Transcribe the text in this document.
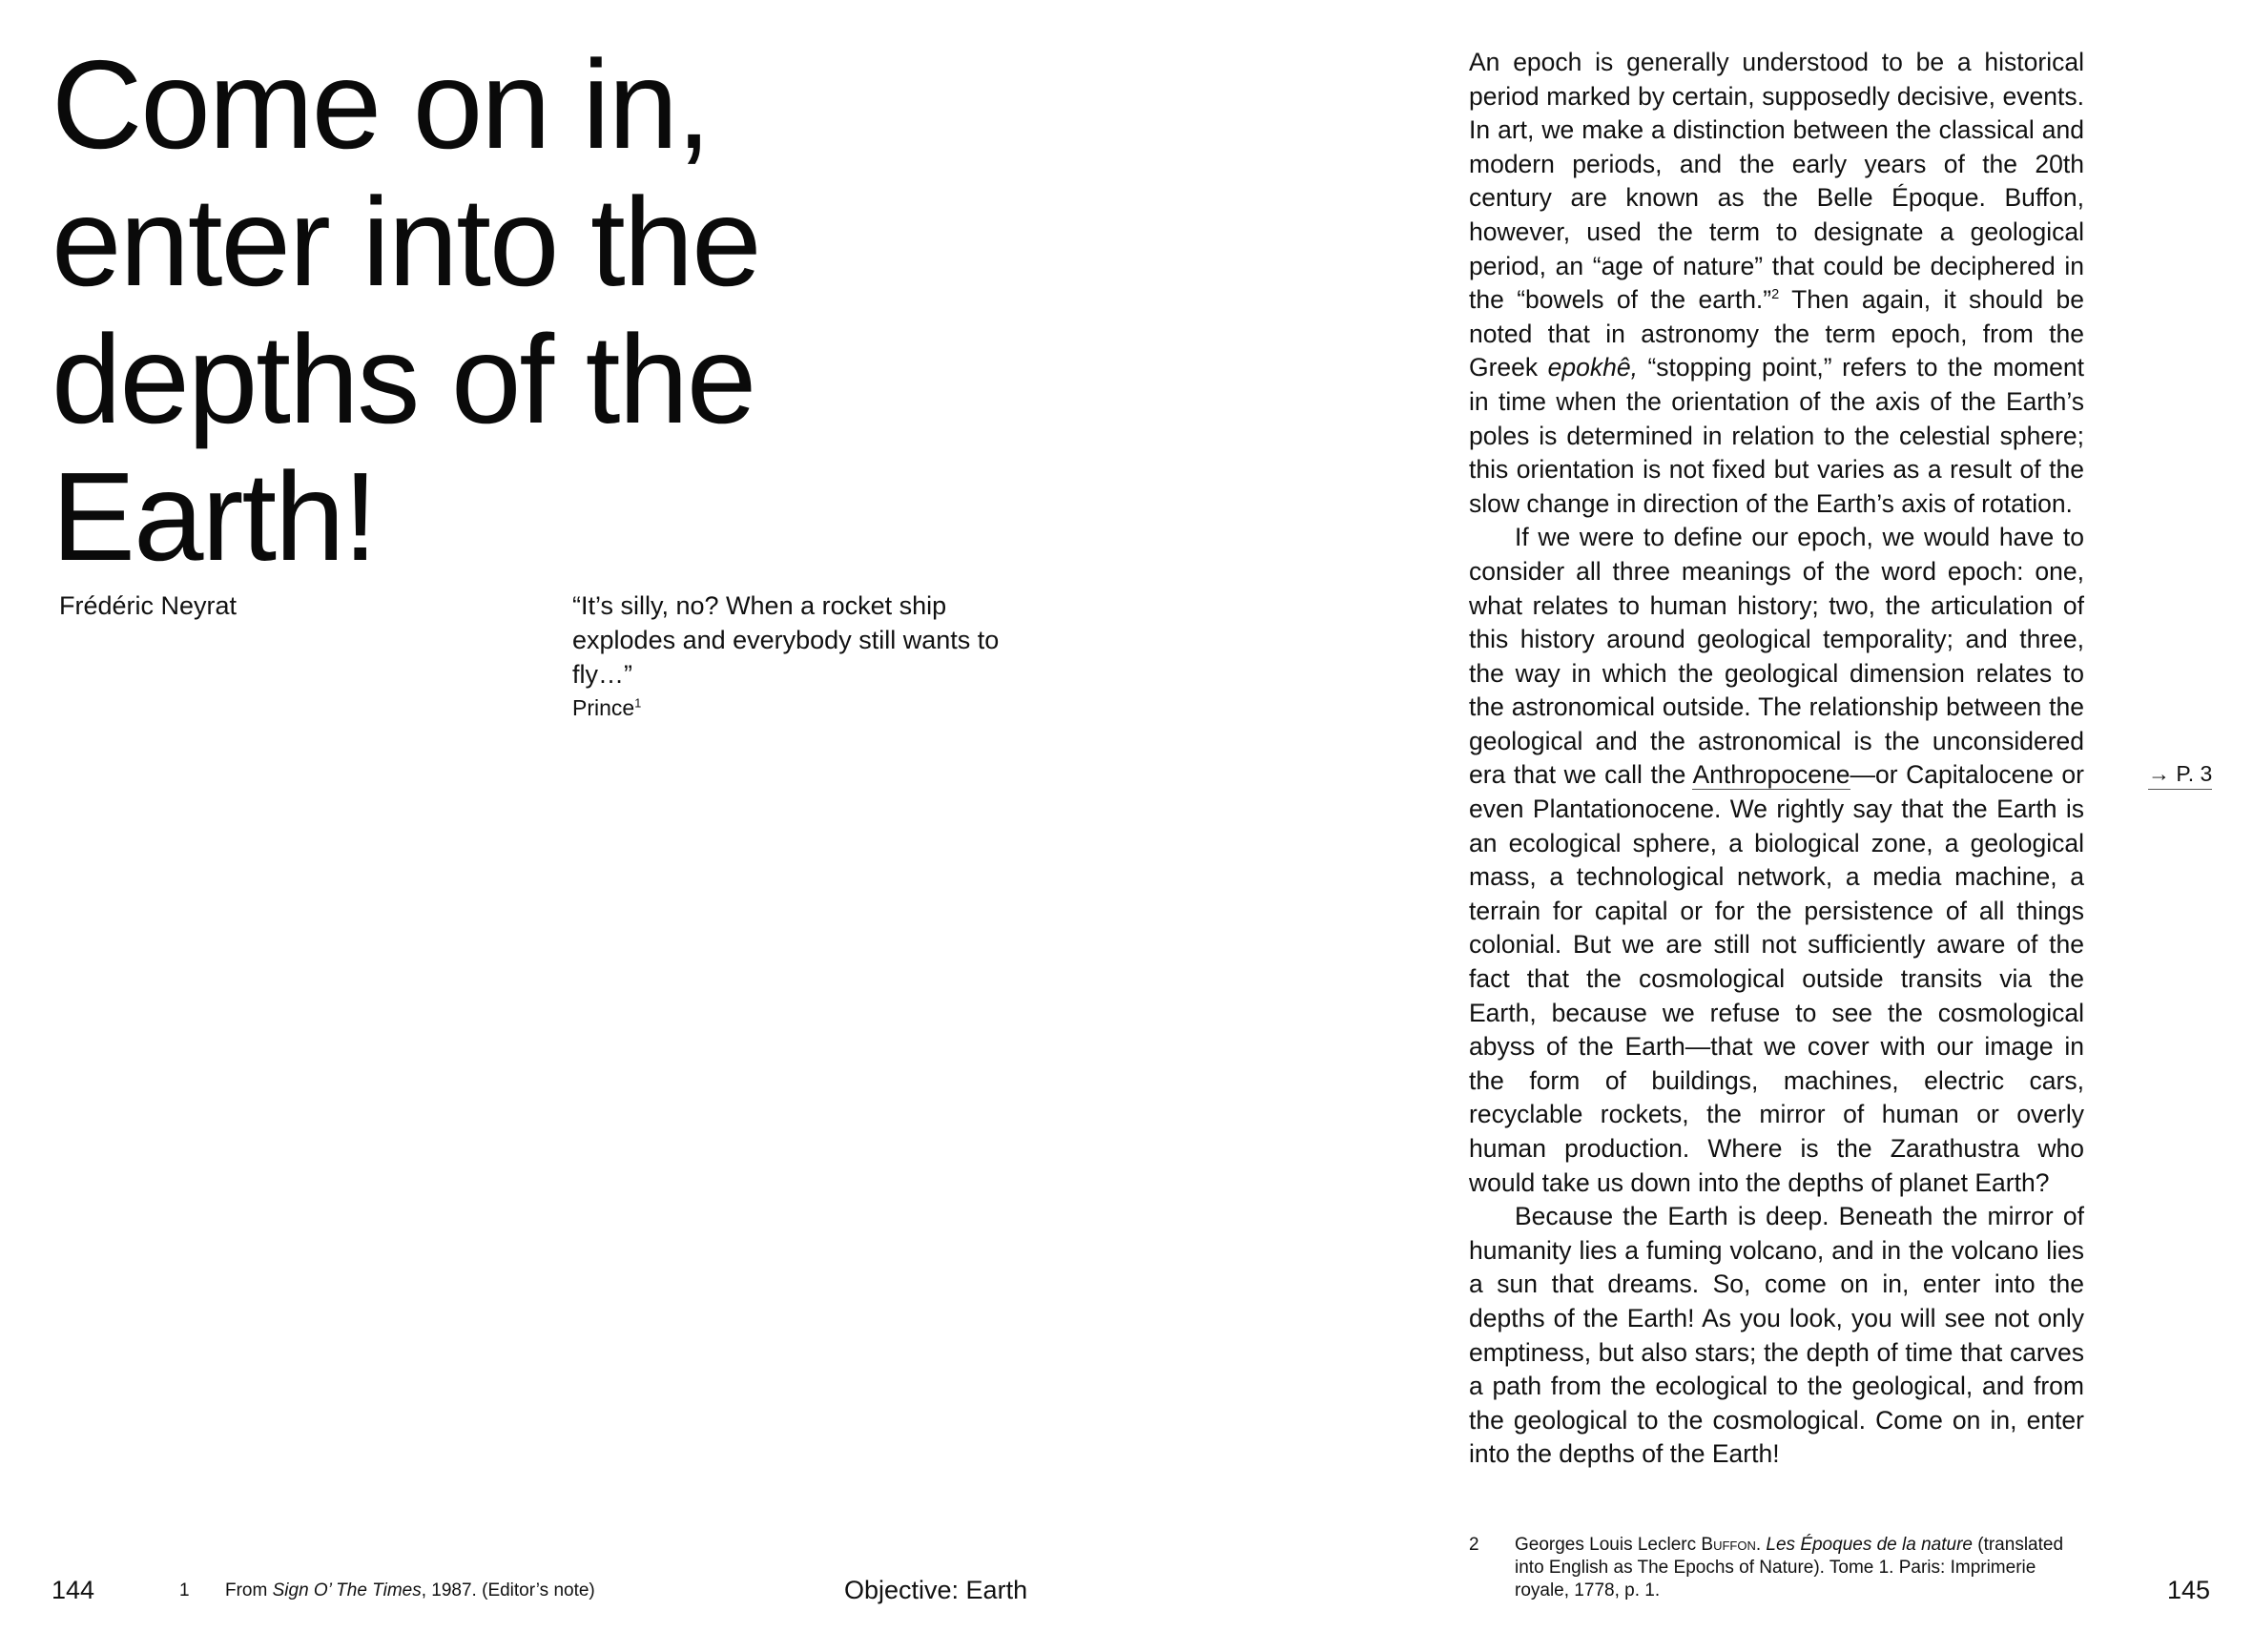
Come on in, enter into the depths of the Earth!
Frédéric Neyrat	“It’s silly, no? When a rocket ship explodes and everybody still wants to fly…”
Prince$^1$

An epoch is generally understood to be a historical period marked by certain, supposedly decisive, events. In art, we make a distinction between the classical and modern periods, and the early years of the 20th century are known as the Belle Époque. Buffon, however, used the term to designate a geological period, an “age of nature” that could be deciphered in the “bowels of the earth.”$^2$ Then again, it should be noted that in astronomy the term epoch, from the Greek epokhê, “stopping point,” refers to the moment in time when the orientation of the axis of the Earth’s poles is determined in relation to the celestial sphere; this orientation is not fixed but varies as a result of the slow change in direction of the Earth’s axis of rotation.

If we were to define our epoch, we would have to consider all three meanings of the word epoch: one, what relates to human history; two, the articulation of this history around geological temporality; and three, the way in which the geological dimension relates to the astronomical outside. The relationship between the geological and the astronomical is the unconsidered era that we call the Anthropocene—or Capitalocene or even Plantationocene. We rightly say that the Earth is an ecological sphere, a biological zone, a geological mass, a technological network, a media machine, a terrain for capital or for the persistence of all things colonial. But we are still not sufficiently aware of the fact that the cosmological outside transits via the Earth, because we refuse to see the cosmological abyss of the Earth—that we cover with our image in the form of buildings, machines, electric cars, recyclable rockets, the mirror of human or overly human production. Where is the Zarathustra who would take us down into the depths of planet Earth?

Because the Earth is deep. Beneath the mirror of humanity lies a fuming volcano, and in the volcano lies a sun that dreams. So, come on in, enter into the depths of the Earth! As you look, you will see not only emptiness, but also stars; the depth of time that carves a path from the ecological to the geological, and from the geological to the cosmological. Come on in, enter into the depths of the Earth!

→ P. 3
2	Georges Louis Leclerc Buffon. Les Époques de la nature (translated into English as The Epochs of Nature). Tome 1. Paris: Imprimerie royale, 1778, p. 1.
144	1 From Sign O’ The Times, 1987. (Editor’s note)	Objective: Earth	145
